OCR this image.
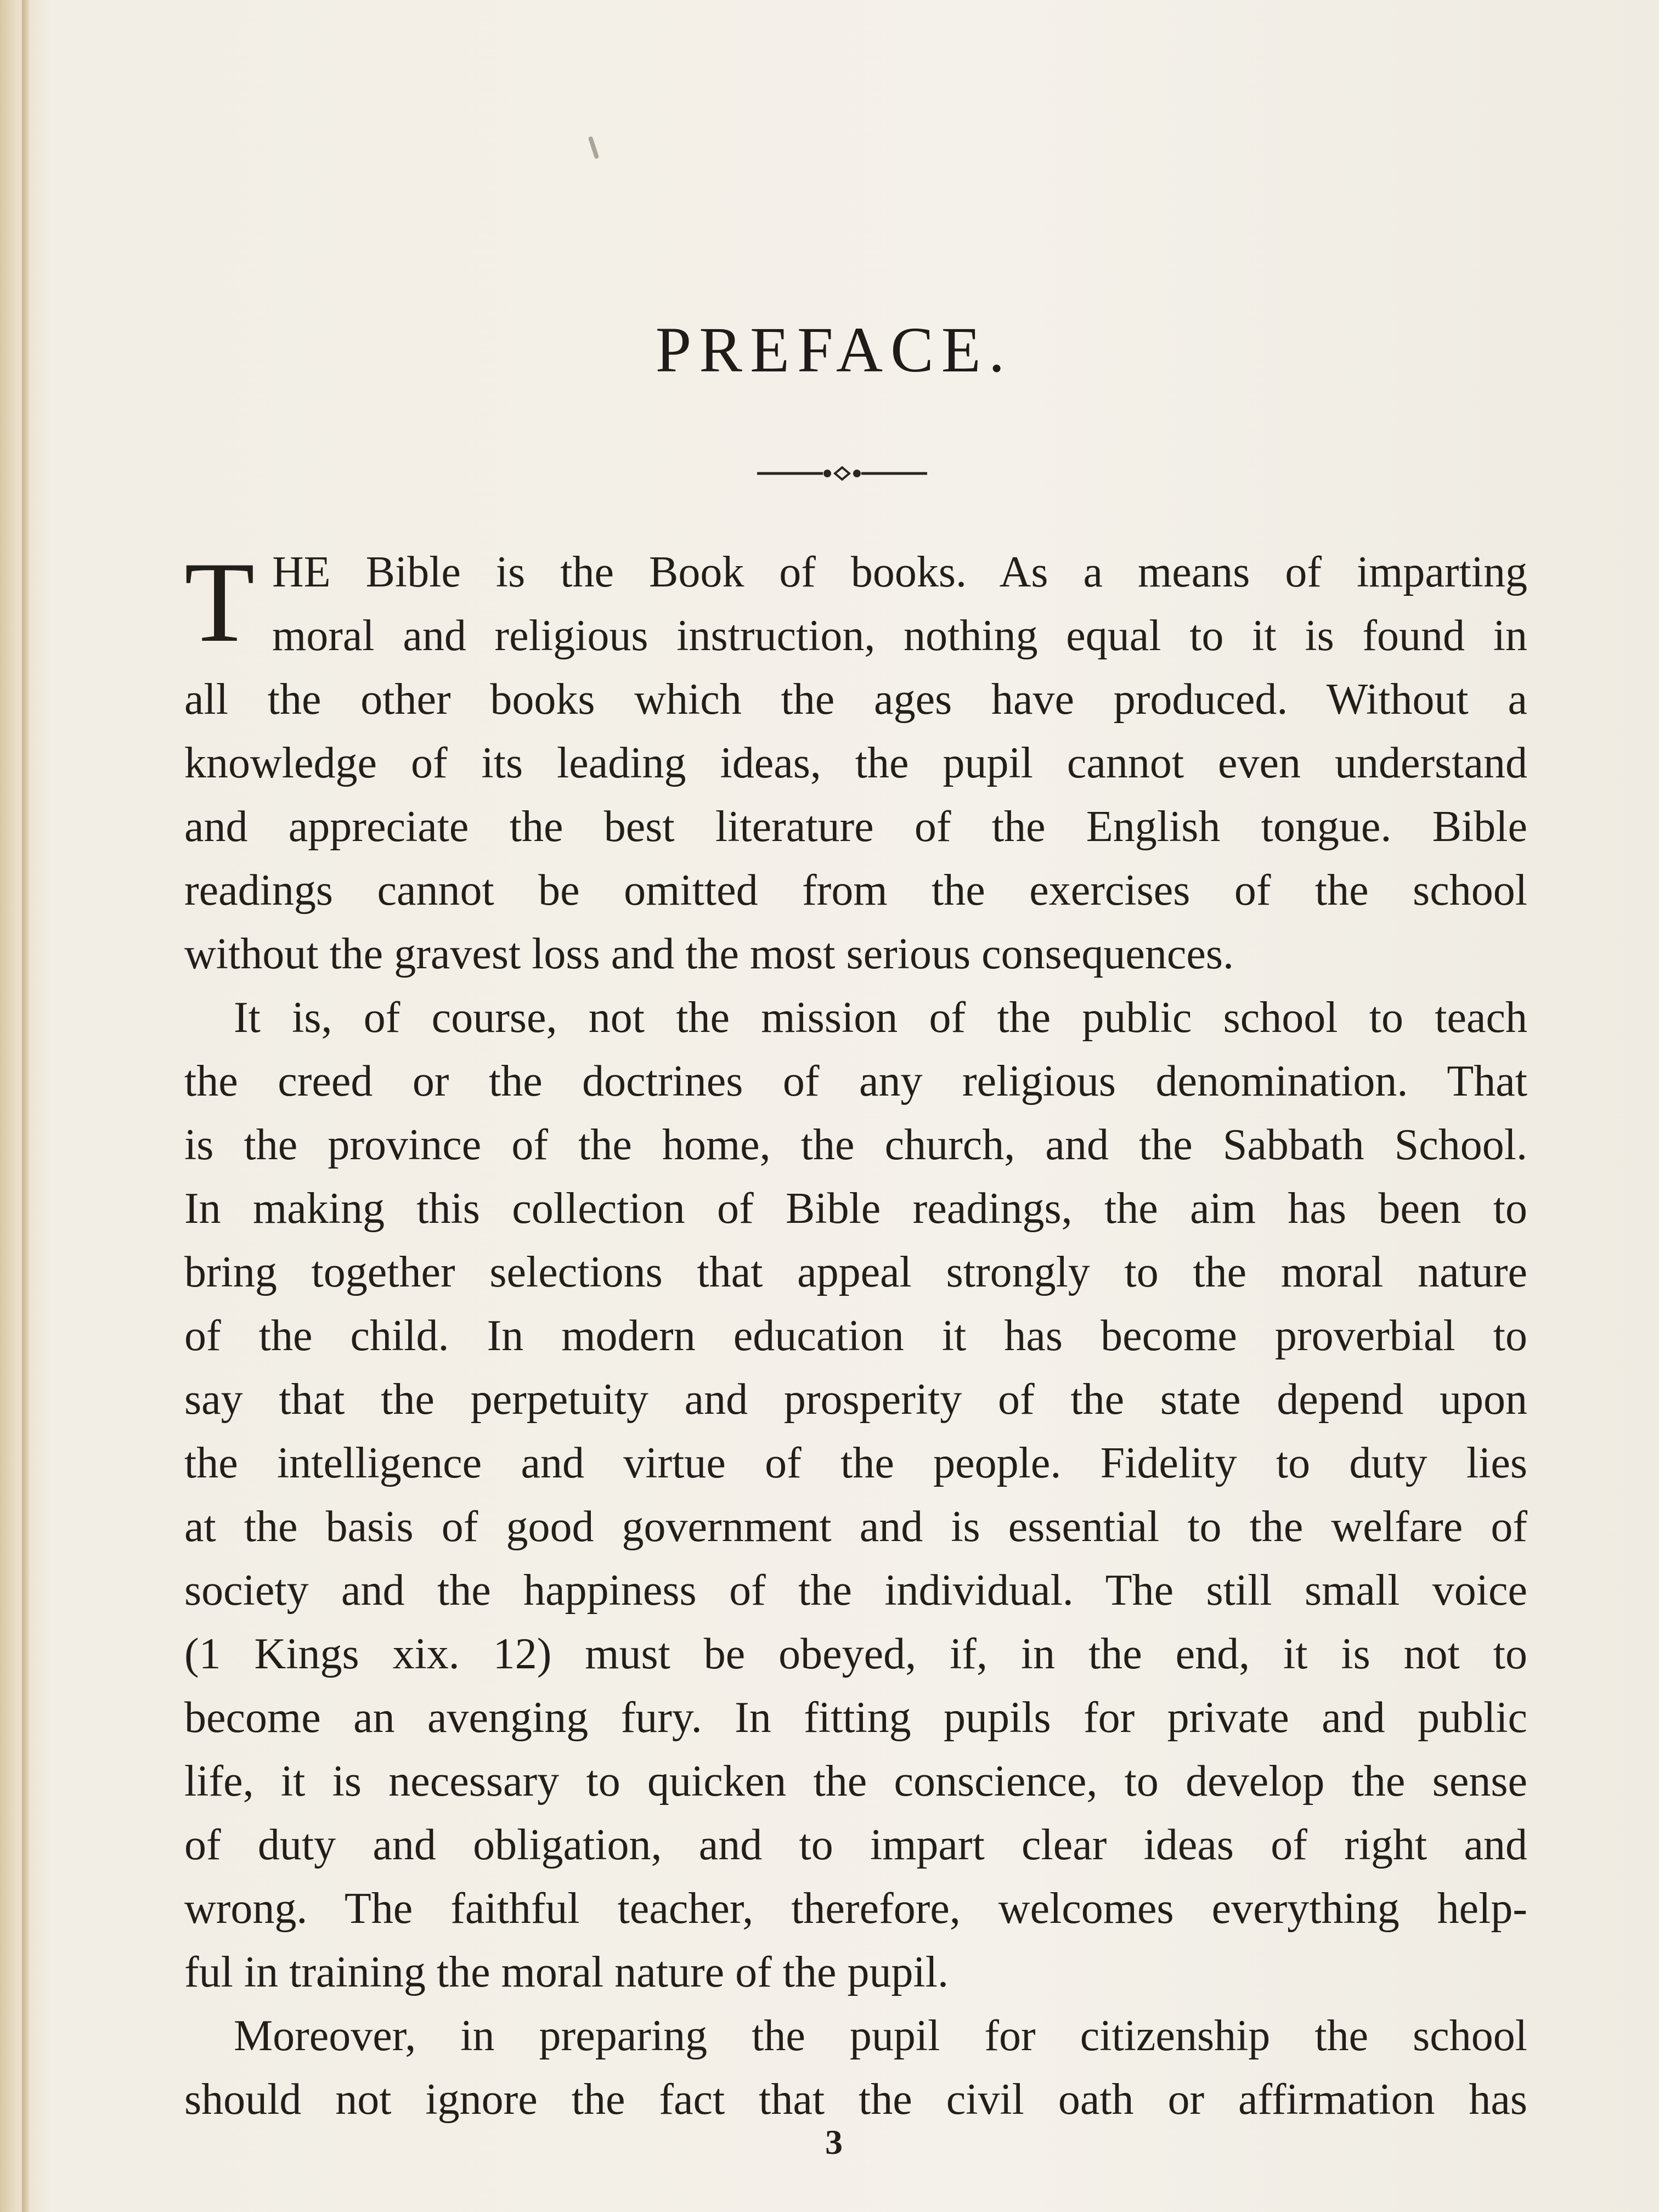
PREFACE.
T HE Bible is the Book of books. As a means of imparting
moral and religious instruction, nothing equal to it is found in
all the other books which the ages have produced. Without a
knowledge of its leading ideas, the pupil cannot even understand
and appreciate the best literature of the English tongue. Bible
readings cannot be omitted from the exercises of the school
without the gravest loss and the most serious consequences.
It is, of course, not the mission of the public school to teach
the creed or the doctrines of any religious denomination. That
is the province of the home, the church, and the Sabbath School.
In making this collection of Bible readings, the aim has been to
bring together selections that appeal strongly to the moral nature
of the child. In modern education it has become proverbial to
say that the perpetuity and prosperity of the state depend upon
the intelligence and virtue of the people. Fidelity to duty lies
at the basis of good government and is essential to the welfare of
society and the happiness of the individual. The still small voice
(1 Kings xix. 12) must be obeyed, if, in the end, it is not to
become an avenging fury. In fitting pupils for private and public
life, it is necessary to quicken the conscience, to develop the sense
of duty and obligation, and to impart clear ideas of right and
wrong. The faithful teacher, therefore, welcomes everything help-
ful in training the moral nature of the pupil.
Moreover, in preparing the pupil for citizenship the school
should not ignore the fact that the civil oath or affirmation has
3
